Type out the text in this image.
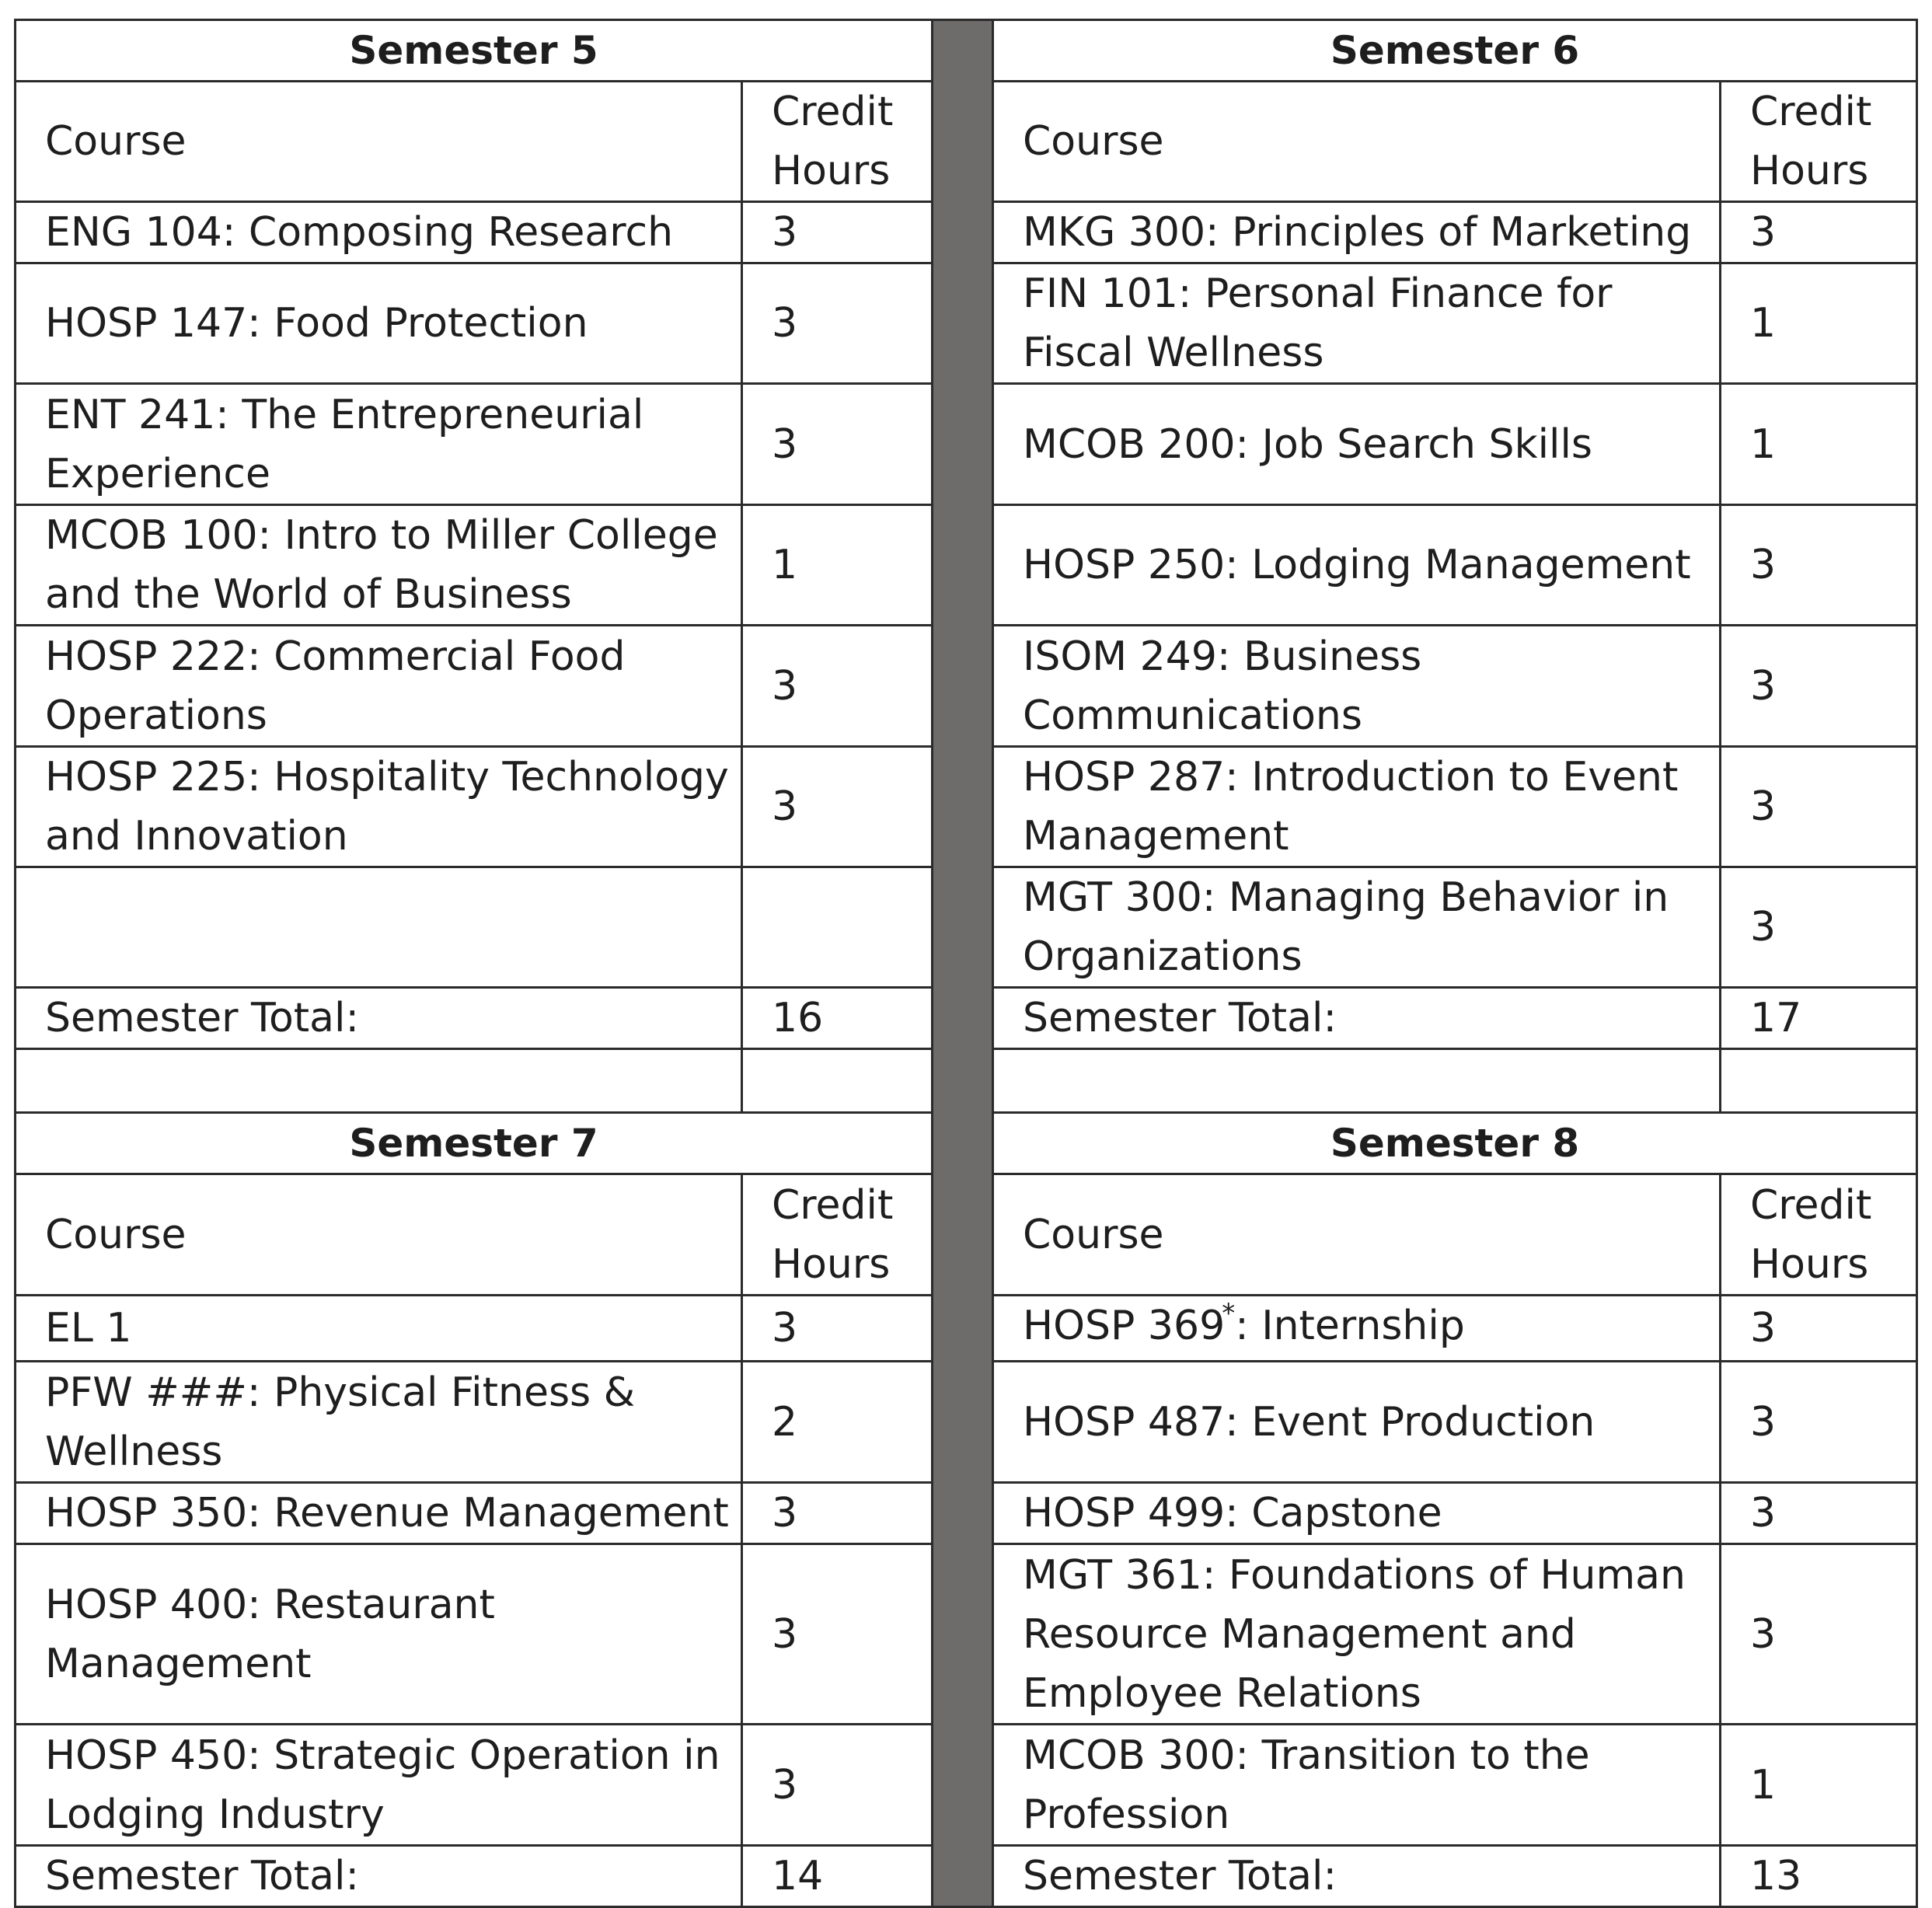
Semester 5			Semester 6	
Course	Credit Hours		Course	Credit Hours
ENG 104: Composing Research	3		MKG 300: Principles of Marketing	3
HOSP 147: Food Protection	3		FIN 101: Personal Finance for Fiscal Wellness	1
ENT 241: The Entrepreneurial Experience	3		MCOB 200: Job Search Skills	1
MCOB 100: Intro to Miller College and the World of Business	1		HOSP 250: Lodging Management	3
HOSP 222: Commercial Food Operations	3		ISOM 249: Business Communications	3
HOSP 225: Hospitality Technology and Innovation	3		HOSP 287: Introduction to Event Management	3
			MGT 300: Managing Behavior in Organizations	3
Semester Total:	16		Semester Total:	17

Semester 7			Semester 8	
Course	Credit Hours		Course	Credit Hours
EL 1	3		HOSP 369*: Internship	3
PFW ###: Physical Fitness & Wellness	2		HOSP 487: Event Production	3
HOSP 350: Revenue Management	3		HOSP 499: Capstone	3
HOSP 400: Restaurant Management	3		MGT 361: Foundations of Human Resource Management and Employee Relations	3
HOSP 450: Strategic Operation in Lodging Industry	3		MCOB 300: Transition to the Profession	1
Semester Total:	14		Semester Total:	13
